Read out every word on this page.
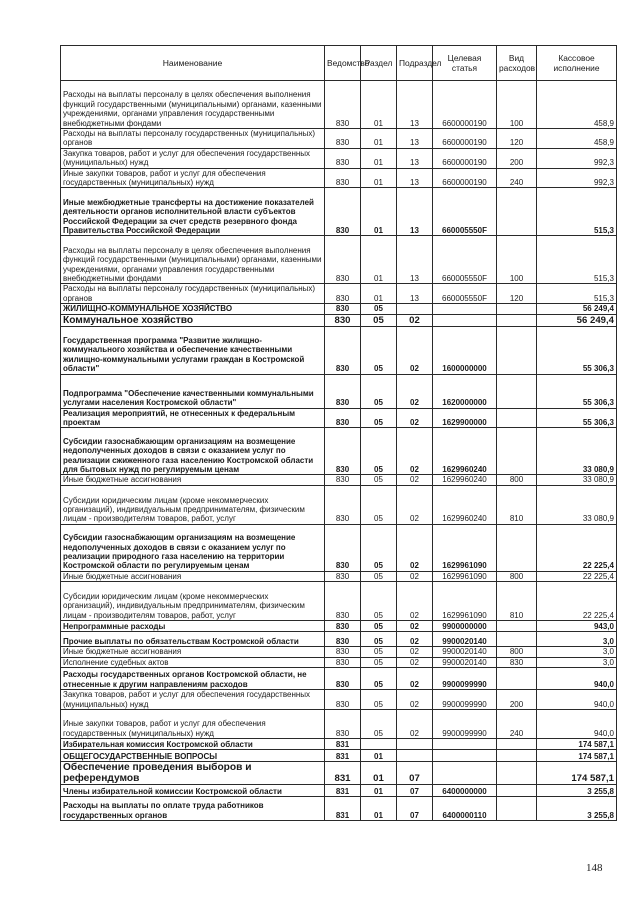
Наименование	Ведомство	Раздел	Подраздел	Целевая статья	Вид расходов	Кассовое исполнение
Расходы на выплаты персоналу в целях обеспечения выполнения функций государственными (муниципальными) органами, казенными учреждениями, органами управления государственными внебюджетными фондами	830	01	13	6600000190	100	458,9
Расходы на выплаты персоналу государственных (муниципальных) органов	830	01	13	6600000190	120	458,9
Закупка товаров, работ и услуг для обеспечения государственных (муниципальных) нужд	830	01	13	6600000190	200	992,3
Иные закупки товаров, работ и услуг для обеспечения государственных (муниципальных) нужд	830	01	13	6600000190	240	992,3
Иные межбюджетные трансферты на достижение показателей деятельности органов исполнительной власти субъектов Российской Федерации за счет средств резервного фонда Правительства Российской Федерации	830	01	13	660005550F		515,3
Расходы на выплаты персоналу в целях обеспечения выполнения функций государственными (муниципальными) органами, казенными учреждениями, органами управления государственными внебюджетными фондами	830	01	13	660005550F	100	515,3
Расходы на выплаты персоналу государственных (муниципальных) органов	830	01	13	660005550F	120	515,3
ЖИЛИЩНО-КОММУНАЛЬНОЕ ХОЗЯЙСТВО	830	05				56 249,4
Коммунальное хозяйство	830	05	02			56 249,4
Государственная программа "Развитие жилищно-коммунального хозяйства и обеспечение качественными жилищно-коммунальными услугами граждан в Костромской области"	830	05	02	1600000000		55 306,3
Подпрограмма "Обеспечение качественными коммунальными услугами населения Костромской области"	830	05	02	1620000000		55 306,3
Реализация мероприятий, не отнесенных к федеральным проектам	830	05	02	1629900000		55 306,3
Субсидии газоснабжающим организациям на возмещение недополученных доходов в связи с оказанием услуг по реализации сжиженного газа населению Костромской области для бытовых нужд по регулируемым ценам	830	05	02	1629960240		33 080,9
Иные бюджетные ассигнования	830	05	02	1629960240	800	33 080,9
Субсидии юридическим лицам (кроме некоммерческих организаций), индивидуальным предпринимателям, физическим лицам - производителям товаров, работ, услуг	830	05	02	1629960240	810	33 080,9
Субсидии газоснабжающим организациям на возмещение недополученных доходов в связи с оказанием услуг по реализации природного газа населению на территории Костромской области по регулируемым ценам	830	05	02	1629961090		22 225,4
Иные бюджетные ассигнования	830	05	02	1629961090	800	22 225,4
Субсидии юридическим лицам (кроме некоммерческих организаций), индивидуальным предпринимателям, физическим лицам - производителям товаров, работ, услуг	830	05	02	1629961090	810	22 225,4
Непрограммные расходы	830	05	02	9900000000		943,0
Прочие выплаты по обязательствам Костромской области	830	05	02	9900020140		3,0
Иные бюджетные ассигнования	830	05	02	9900020140	800	3,0
Исполнение судебных актов	830	05	02	9900020140	830	3,0
Расходы государственных органов Костромской области, не отнесенные к другим направлениям расходов	830	05	02	9900099990		940,0
Закупка товаров, работ и услуг для обеспечения государственных (муниципальных) нужд	830	05	02	9900099990	200	940,0
Иные закупки товаров, работ и услуг для обеспечения государственных (муниципальных) нужд	830	05	02	9900099990	240	940,0
Избирательная комиссия Костромской области	831					174 587,1
ОБЩЕГОСУДАРСТВЕННЫЕ ВОПРОСЫ	831	01				174 587,1
Обеспечение проведения выборов и референдумов	831	01	07			174 587,1
Члены избирательной комиссии Костромской области	831	01	07	6400000000		3 255,8
Расходы на выплаты по оплате труда работников государственных органов	831	01	07	6400000110		3 255,8
148
